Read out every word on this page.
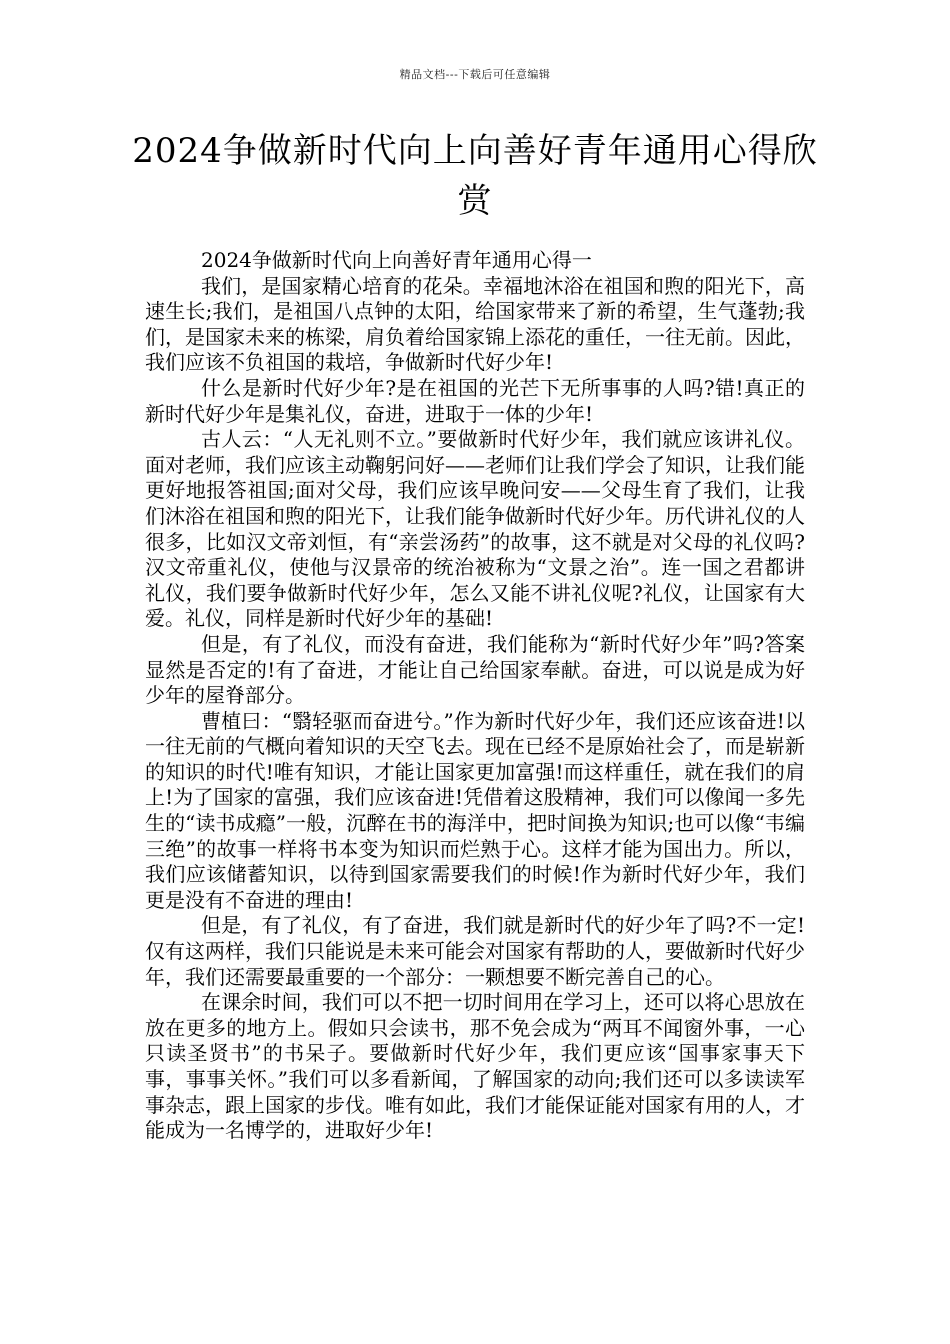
精品文档---下载后可任意编辑
2024争做新时代向上向善好青年通用心得欣赏

2024争做新时代向上向善好青年通用心得一

我们，是国家精心培育的花朵。幸福地沐浴在祖国和煦的阳光下，高速生长;我们，是祖国八点钟的太阳，给国家带来了新的希望，生气蓬勃;我们，是国家未来的栋梁，肩负着给国家锦上添花的重任，一往无前。因此，我们应该不负祖国的栽培，争做新时代好少年!

什么是新时代好少年?是在祖国的光芒下无所事事的人吗?错!真正的新时代好少年是集礼仪，奋进，进取于一体的少年!

古人云：“人无礼则不立。”要做新时代好少年，我们就应该讲礼仪。面对老师，我们应该主动鞠躬问好——老师们让我们学会了知识，让我们能更好地报答祖国;面对父母，我们应该早晚问安——父母生育了我们，让我们沐浴在祖国和煦的阳光下，让我们能争做新时代好少年。历代讲礼仪的人很多，比如汉文帝刘恒，有“亲尝汤药”的故事，这不就是对父母的礼仪吗?汉文帝重礼仪，使他与汉景帝的统治被称为“文景之治”。连一国之君都讲礼仪，我们要争做新时代好少年，怎么又能不讲礼仪呢?礼仪，让国家有大爱。礼仪，同样是新时代好少年的基础!

但是，有了礼仪，而没有奋进，我们能称为“新时代好少年”吗?答案显然是否定的!有了奋进，才能让自己给国家奉献。奋进，可以说是成为好少年的屋脊部分。

曹植曰：“翳轻驱而奋进兮。”作为新时代好少年，我们还应该奋进!以一往无前的气概向着知识的天空飞去。现在已经不是原始社会了，而是崭新的知识的时代!唯有知识，才能让国家更加富强!而这样重任，就在我们的肩上!为了国家的富强，我们应该奋进!凭借着这股精神，我们可以像闻一多先生的“读书成瘾”一般，沉醉在书的海洋中，把时间换为知识;也可以像“韦编三绝”的故事一样将书本变为知识而烂熟于心。这样才能为国出力。所以，我们应该储蓄知识，以待到国家需要我们的时候!作为新时代好少年，我们更是没有不奋进的理由!

但是，有了礼仪，有了奋进，我们就是新时代的好少年了吗?不一定!仅有这两样，我们只能说是未来可能会对国家有帮助的人，要做新时代好少年，我们还需要最重要的一个部分：一颗想要不断完善自己的心。

在课余时间，我们可以不把一切时间用在学习上，还可以将心思放在放在更多的地方上。假如只会读书，那不免会成为“两耳不闻窗外事，一心只读圣贤书”的书呆子。要做新时代好少年，我们更应该“国事家事天下事，事事关怀。”我们可以多看新闻，了解国家的动向;我们还可以多读读军事杂志，跟上国家的步伐。唯有如此，我们才能保证能对国家有用的人，才能成为一名博学的，进取好少年!
